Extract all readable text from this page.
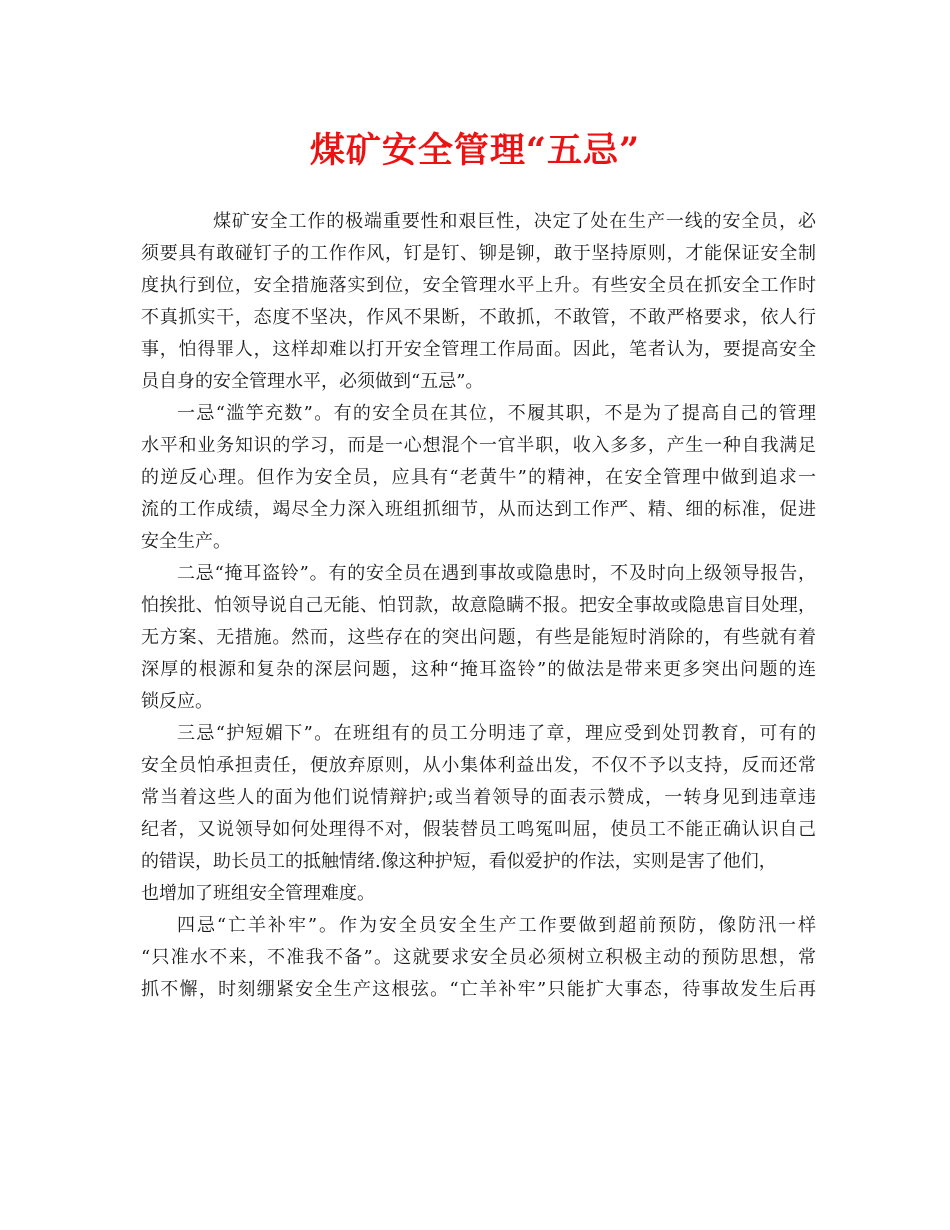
煤矿安全管理“五忌”
煤矿安全工作的极端重要性和艰巨性，决定了处在生产一线的安全员，必
须要具有敢碰钉子的工作作风，钉是钉、铆是铆，敢于坚持原则，才能保证安全制
度执行到位，安全措施落实到位，安全管理水平上升。有些安全员在抓安全工作时
不真抓实干，态度不坚决，作风不果断，不敢抓，不敢管，不敢严格要求，依人行
事，怕得罪人，这样却难以打开安全管理工作局面。因此，笔者认为，要提高安全
员自身的安全管理水平，必须做到“五忌”。
一忌“滥竽充数”。有的安全员在其位，不履其职，不是为了提高自己的管理
水平和业务知识的学习，而是一心想混个一官半职，收入多多，产生一种自我满足
的逆反心理。但作为安全员，应具有“老黄牛”的精神，在安全管理中做到追求一
流的工作成绩，竭尽全力深入班组抓细节，从而达到工作严、精、细的标准，促进
安全生产。
二忌“掩耳盗铃”。有的安全员在遇到事故或隐患时，不及时向上级领导报告，
怕挨批、怕领导说自己无能、怕罚款，故意隐瞒不报。把安全事故或隐患盲目处理，
无方案、无措施。然而，这些存在的突出问题，有些是能短时消除的，有些就有着
深厚的根源和复杂的深层问题，这种“掩耳盗铃”的做法是带来更多突出问题的连
锁反应。
三忌“护短媚下”。在班组有的员工分明违了章，理应受到处罚教育，可有的
安全员怕承担责任，便放弃原则，从小集体利益出发，不仅不予以支持，反而还常
常当着这些人的面为他们说情辩护;或当着领导的面表示赞成，一转身见到违章违
纪者，又说领导如何处理得不对，假装替员工鸣冤叫屈，使员工不能正确认识自己
的错误，助长员工的抵触情绪.像这种护短，看似爱护的作法，实则是害了他们，
也增加了班组安全管理难度。
四忌“亡羊补牢”。作为安全员安全生产工作要做到超前预防，像防汛一样
“只准水不来，不准我不备”。这就要求安全员必须树立积极主动的预防思想，常
抓不懈，时刻绷紧安全生产这根弦。“亡羊补牢”只能扩大事态，待事故发生后再
